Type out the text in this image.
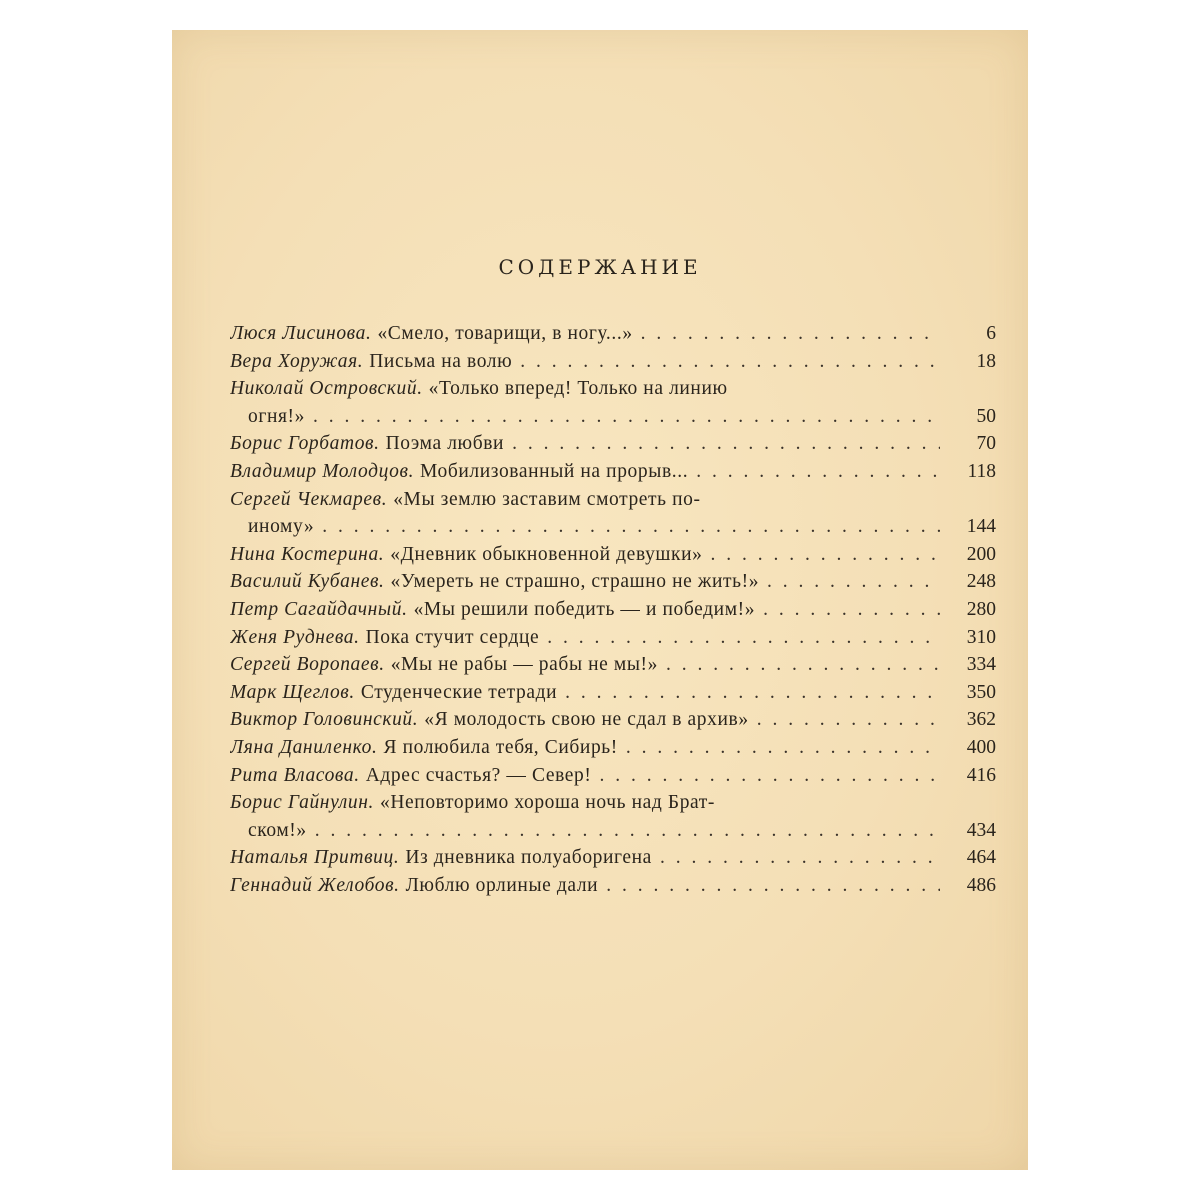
СОДЕРЖАНИЕ
Люся Лисинова. «Смело, товарищи, в ногу...» . . .	6
Вера Хоружая. Письма на волю . . .	18
Николай Островский. «Только вперед! Только на линию
огня!» . . .	50
Борис Горбатов. Поэма любви . . .	70
Владимир Молодцов. Мобилизованный на прорыв... . . .	118
Сергей Чекмарев. «Мы землю заставим смотреть по-
иному» . . .	144
Нина Костерина. «Дневник обыкновенной девушки» . . .	200
Василий Кубанев. «Умереть не страшно, страшно не жить!» . . .	248
Петр Сагайдачный. «Мы решили победить — и победим!» . . .	280
Женя Руднева. Пока стучит сердце . . .	310
Сергей Воропаев. «Мы не рабы — рабы не мы!» . . .	334
Марк Щеглов. Студенческие тетради . . .	350
Виктор Головинский. «Я молодость свою не сдал в архив» . . .	362
Ляна Даниленко. Я полюбила тебя, Сибирь! . . .	400
Рита Власова. Адрес счастья? — Север! . . .	416
Борис Гайнулин. «Неповторимо хороша ночь над Брат-
ском!» . . .	434
Наталья Притвиц. Из дневника полуаборигена . . .	464
Геннадий Желобов. Люблю орлиные дали . . .	486
